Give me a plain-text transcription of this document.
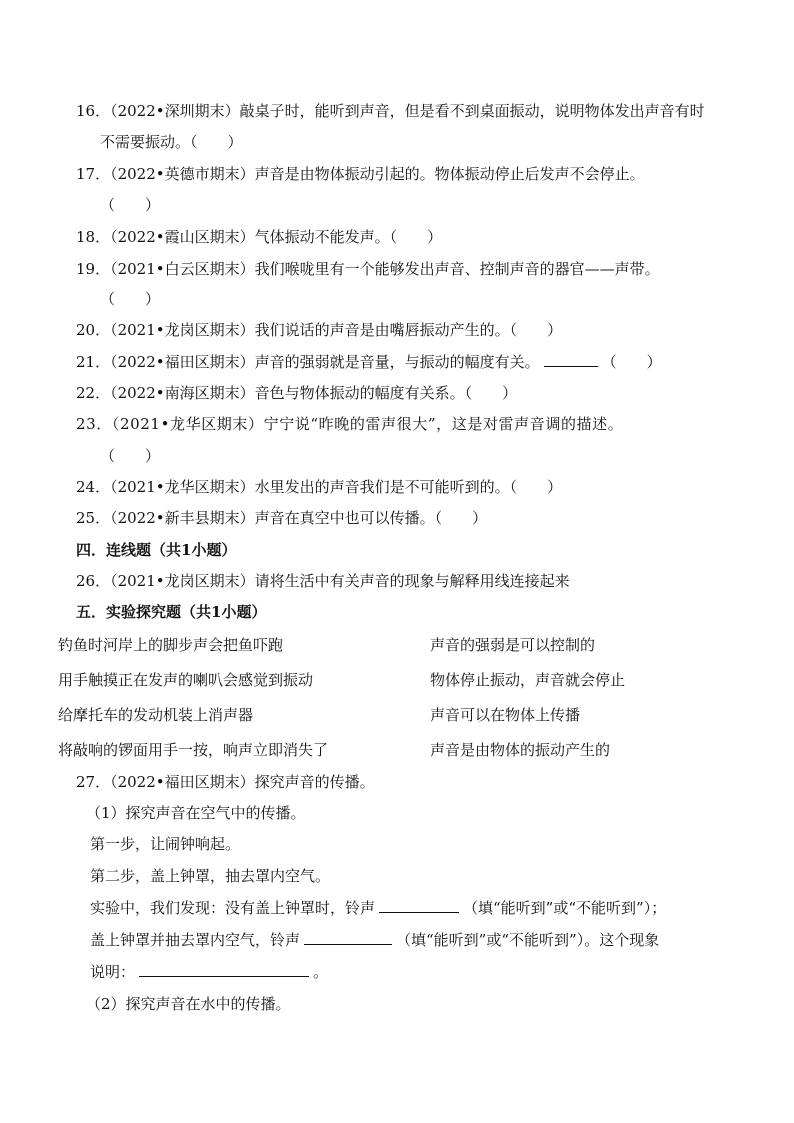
16．（2022•深圳期末）敲桌子时，能听到声音，但是看不到桌面振动，说明物体发出声音有时
不需要振动。（　　）
17．（2022•英德市期末）声音是由物体振动引起的。物体振动停止后发声不会停止。
（　　）
18．（2022•霞山区期末）气体振动不能发声。（　　）
19．（2021•白云区期末）我们喉咙里有一个能够发出声音、控制声音的器官——声带。
（　　）
20．（2021•龙岗区期末）我们说话的声音是由嘴唇振动产生的。（　　）
21．（2022•福田区期末）声音的强弱就是音量，与振动的幅度有关。	（　　）
22．（2022•南海区期末）音色与物体振动的幅度有关系。（　　）
23．（2021•龙华区期末）宁宁说“昨晚的雷声很大”，这是对雷声音调的描述。
（　　）
24．（2021•龙华区期末）水里发出的声音我们是不可能听到的。（　　）
25．（2022•新丰县期末）声音在真空中也可以传播。（　　）
四．连线题（共1小题）
26．（2021•龙岗区期末）请将生活中有关声音的现象与解释用线连接起来
五．实验探究题（共1小题）
钓鱼时河岸上的脚步声会把鱼吓跑	声音的强弱是可以控制的
用手触摸正在发声的喇叭会感觉到振动	物体停止振动，声音就会停止
给摩托车的发动机装上消声器	声音可以在物体上传播
将敲响的锣面用手一按，响声立即消失了	声音是由物体的振动产生的
27．（2022•福田区期末）探究声音的传播。
（1）探究声音在空气中的传播。
第一步，让闹钟响起。
第二步，盖上钟罩，抽去罩内空气。
实验中，我们发现：没有盖上钟罩时，铃声	（填“能听到”或“不能听到”）；
盖上钟罩并抽去罩内空气，铃声	（填“能听到”或“不能听到”）。这个现象
说明：	。
（2）探究声音在水中的传播。
